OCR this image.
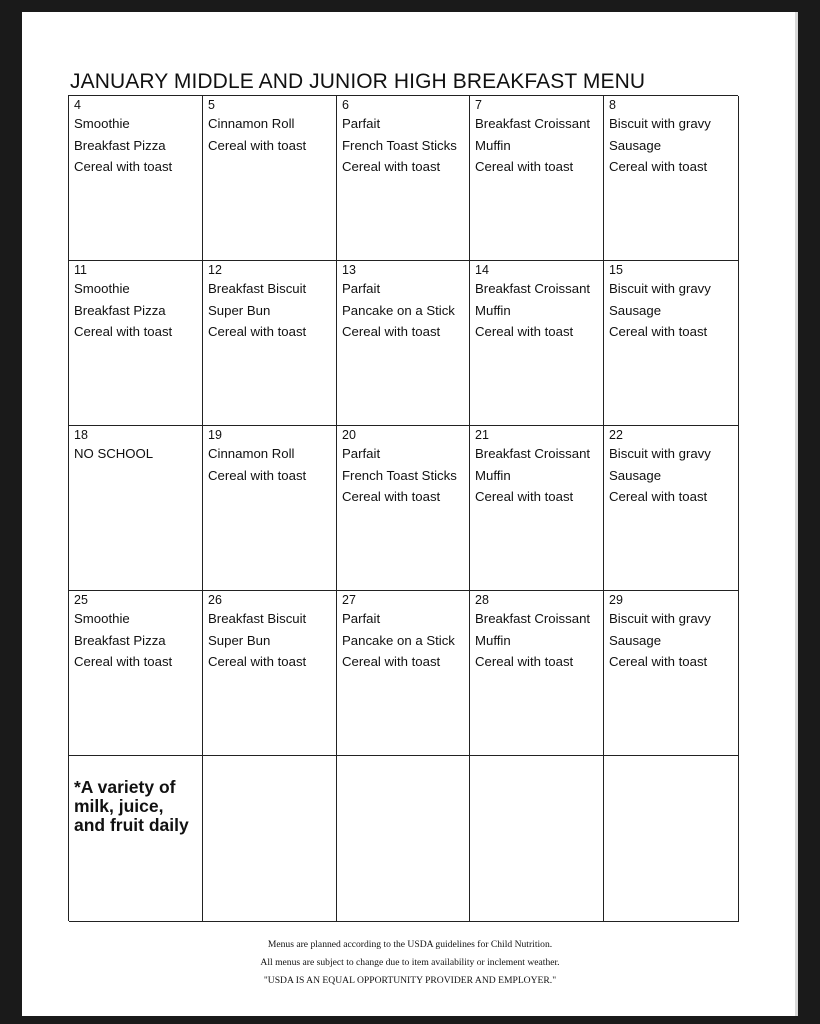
JANUARY MIDDLE AND JUNIOR HIGH BREAKFAST MENU
4
Smoothie
Breakfast Pizza
Cereal with toast
5
Cinnamon Roll
Cereal with toast
6
Parfait
French Toast Sticks
Cereal with toast
7
Breakfast Croissant
Muffin
Cereal with toast
8
Biscuit with gravy
Sausage
Cereal with toast
11
Smoothie
Breakfast Pizza
Cereal with toast
12
Breakfast Biscuit
Super Bun
Cereal with toast
13
Parfait
Pancake on a Stick
Cereal with toast
14
Breakfast Croissant
Muffin
Cereal with toast
15
Biscuit with gravy
Sausage
Cereal with toast
18
NO SCHOOL
19
Cinnamon Roll
Cereal with toast
20
Parfait
French Toast Sticks
Cereal with toast
21
Breakfast Croissant
Muffin
Cereal with toast
22
Biscuit with gravy
Sausage
Cereal with toast
25
Smoothie
Breakfast Pizza
Cereal with toast
26
Breakfast Biscuit
Super Bun
Cereal with toast
27
Parfait
Pancake on a Stick
Cereal with toast
28
Breakfast Croissant
Muffin
Cereal with toast
29
Biscuit with gravy
Sausage
Cereal with toast
*A variety of
milk, juice,
and fruit daily
Menus are planned according to the USDA guidelines for Child Nutrition.
All menus are subject to change due to item availability or inclement weather.
"USDA IS AN EQUAL OPPORTUNITY PROVIDER AND EMPLOYER."
